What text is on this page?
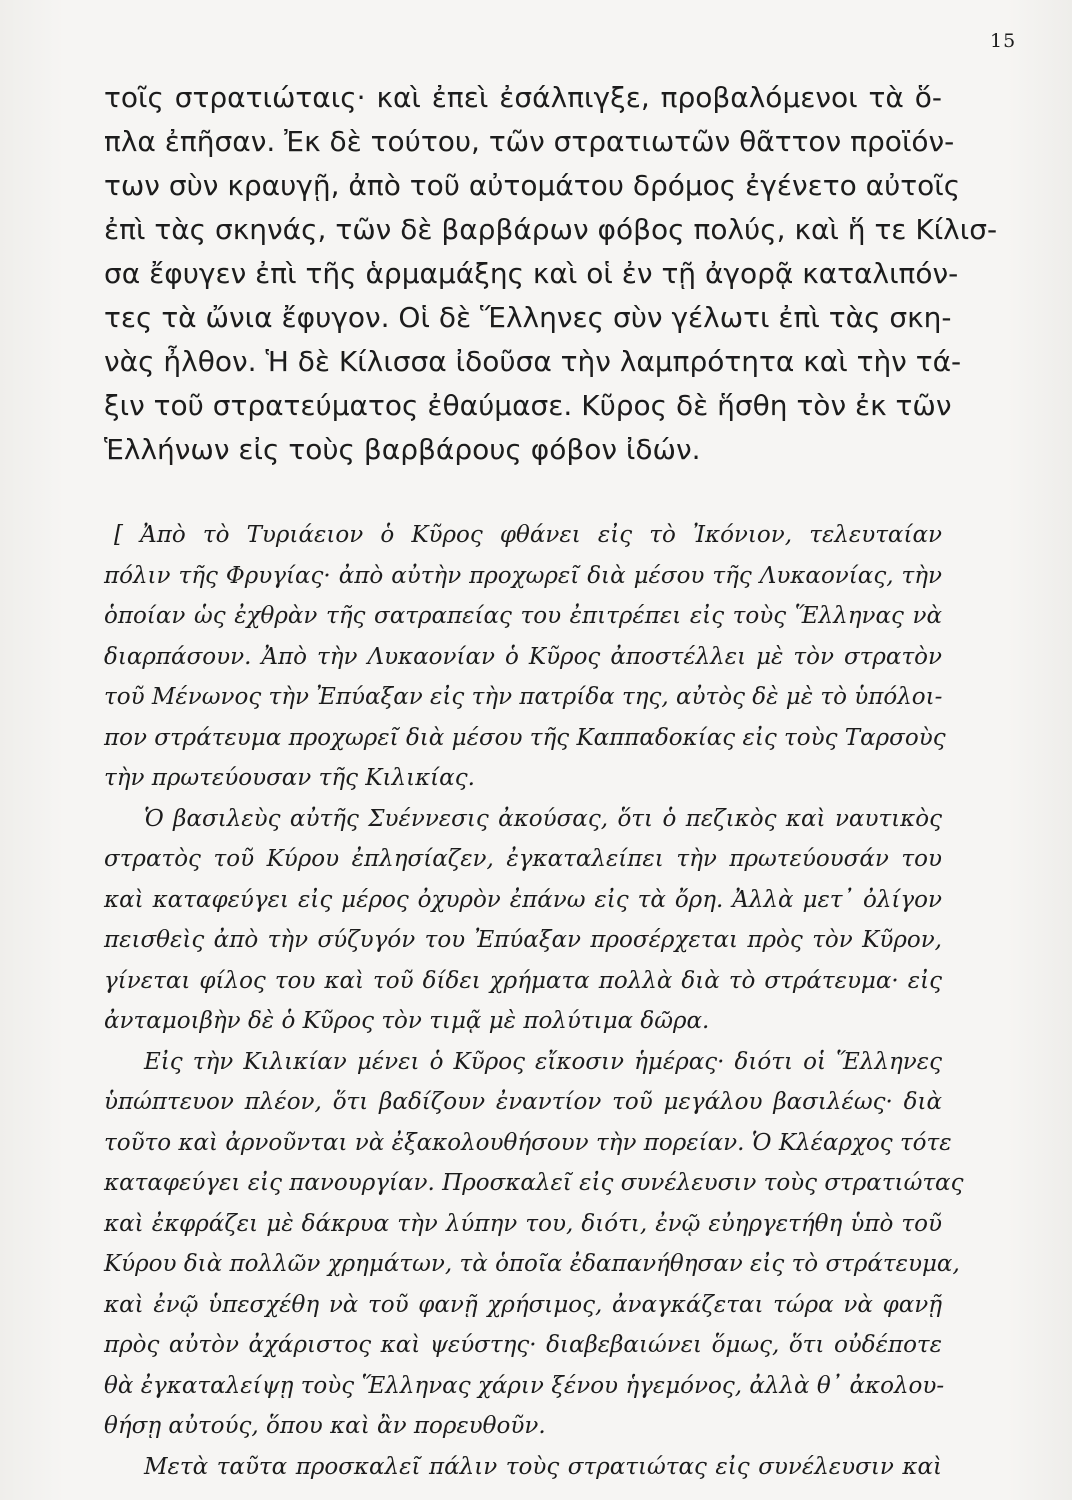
15
τοῖς στρατιώταις· καὶ ἐπεὶ ἐσάλπιγξε, προβαλόμενοι τὰ ὅ-
πλα ἐπῆσαν. Ἐκ δὲ τούτου, τῶν στρατιωτῶν θᾶττον προϊόν-
των σὺν κραυγῇ, ἀπὸ τοῦ αὐτομάτου δρόμος ἐγένετο αὐτοῖς
ἐπὶ τὰς σκηνάς, τῶν δὲ βαρβάρων φόβος πολύς, καὶ ἥ τε Κίλισ-
σα ἔφυγεν ἐπὶ τῆς ἁρμαμάξης καὶ οἱ ἐν τῇ ἀγορᾷ καταλιπόν-
τες τὰ ὤνια ἔφυγον. Οἱ δὲ Ἕλληνες σὺν γέλωτι ἐπὶ τὰς σκη-
νὰς ἦλθον. Ἡ δὲ Κίλισσα ἰδοῦσα τὴν λαμπρότητα καὶ τὴν τά-
ξιν τοῦ στρατεύματος ἐθαύμασε. Κῦρος δὲ ἥσθη τὸν ἐκ τῶν
Ἑλλήνων εἰς τοὺς βαρβάρους φόβον ἰδών.
[ Ἀπὸ τὸ Τυριάειον ὁ Κῦρος φθάνει εἰς τὸ Ἰκόνιον, τελευταίαν
πόλιν τῆς Φρυγίας· ἀπὸ αὐτὴν προχωρεῖ διὰ μέσου τῆς Λυκαονίας, τὴν
ὁποίαν ὡς ἐχθρὰν τῆς σατραπείας του ἐπιτρέπει εἰς τοὺς Ἕλληνας νὰ
διαρπάσουν. Ἀπὸ τὴν Λυκαονίαν ὁ Κῦρος ἀποστέλλει μὲ τὸν στρατὸν
τοῦ Μένωνος τὴν Ἐπύαξαν εἰς τὴν πατρίδα της, αὐτὸς δὲ μὲ τὸ ὑπόλοι-
πον στράτευμα προχωρεῖ διὰ μέσου τῆς Καππαδοκίας εἰς τοὺς Ταρσοὺς
τὴν πρωτεύουσαν τῆς Κιλικίας.
Ὁ βασιλεὺς αὐτῆς Συέννεσις ἀκούσας, ὅτι ὁ πεζικὸς καὶ ναυτικὸς
στρατὸς τοῦ Κύρου ἐπλησίαζεν, ἐγκαταλείπει τὴν πρωτεύουσάν του
καὶ καταφεύγει εἰς μέρος ὀχυρὸν ἐπάνω εἰς τὰ ὄρη. Ἀλλὰ μετ᾽ ὀλίγον
πεισθεὶς ἀπὸ τὴν σύζυγόν του Ἐπύαξαν προσέρχεται πρὸς τὸν Κῦρον,
γίνεται φίλος του καὶ τοῦ δίδει χρήματα πολλὰ διὰ τὸ στράτευμα· εἰς
ἀνταμοιβὴν δὲ ὁ Κῦρος τὸν τιμᾷ μὲ πολύτιμα δῶρα.
Εἰς τὴν Κιλικίαν μένει ὁ Κῦρος εἴκοσιν ἡμέρας· διότι οἱ Ἕλληνες
ὑπώπτευον πλέον, ὅτι βαδίζουν ἐναντίον τοῦ μεγάλου βασιλέως· διὰ
τοῦτο καὶ ἀρνοῦνται νὰ ἐξακολουθήσουν τὴν πορείαν. Ὁ Κλέαρχος τότε
καταφεύγει εἰς πανουργίαν. Προσκαλεῖ εἰς συνέλευσιν τοὺς στρατιώτας
καὶ ἐκφράζει μὲ δάκρυα τὴν λύπην του, διότι, ἐνῷ εὐηργετήθη ὑπὸ τοῦ
Κύρου διὰ πολλῶν χρημάτων, τὰ ὁποῖα ἐδαπανήθησαν εἰς τὸ στράτευμα,
καὶ ἐνῷ ὑπεσχέθη νὰ τοῦ φανῇ χρήσιμος, ἀναγκάζεται τώρα νὰ φανῇ
πρὸς αὐτὸν ἀχάριστος καὶ ψεύστης· διαβεβαιώνει ὅμως, ὅτι οὐδέποτε
θὰ ἐγκαταλείψῃ τοὺς Ἕλληνας χάριν ξένου ἡγεμόνος, ἀλλὰ θ᾽ ἀκολου-
θήσῃ αὐτούς, ὅπου καὶ ἂν πορευθοῦν.
Μετὰ ταῦτα προσκαλεῖ πάλιν τοὺς στρατιώτας εἰς συνέλευσιν καὶ
